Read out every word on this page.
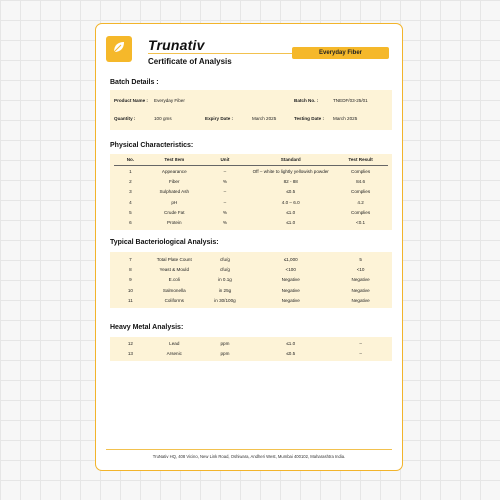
Trunativ
Certificate of Analysis
Everyday Fiber
Batch Details :
Product Name : Everyday Fiber	Batch No. :	TNEDF/03-25/01
Quantity :	100 gms	Expiry Date :	March 2025	Testing Date : March 2025
Physical Characteristics:
No.	Test Item	Unit	Standard	Test Result
1	Appearance	–	Off – white to lightly yellowish powder	Complies
2	Fiber	%	82 - 88	84.6
3	Sulphated Ash	–	≤0.5	Complies
4	pH	–	4.0 – 6.0	4.2
5	Crude Fat	%	≤1.0	Complies
6	Protein	%	≤1.0	<0.1
Typical Bacteriological Analysis:
7	Total Plate Count	cfu/g	≤1,000	5
8	Yeast & Mould	cfu/g	<100	<10
9	E.coli	in 0.1g	Negative	Negative
10	Salmonella	in 25g	Negative	Negative
11	Coliforms	in 30/100g	Negative	Negative
Heavy Metal Analysis:
12	Lead	ppm	≤1.0	–
13	Arsenic	ppm	≤0.5	–
TruNativ HQ, 408 Vicino, New Link Road, Oshiwara, Andheri West, Mumbai 400102, Maharashtra India.
